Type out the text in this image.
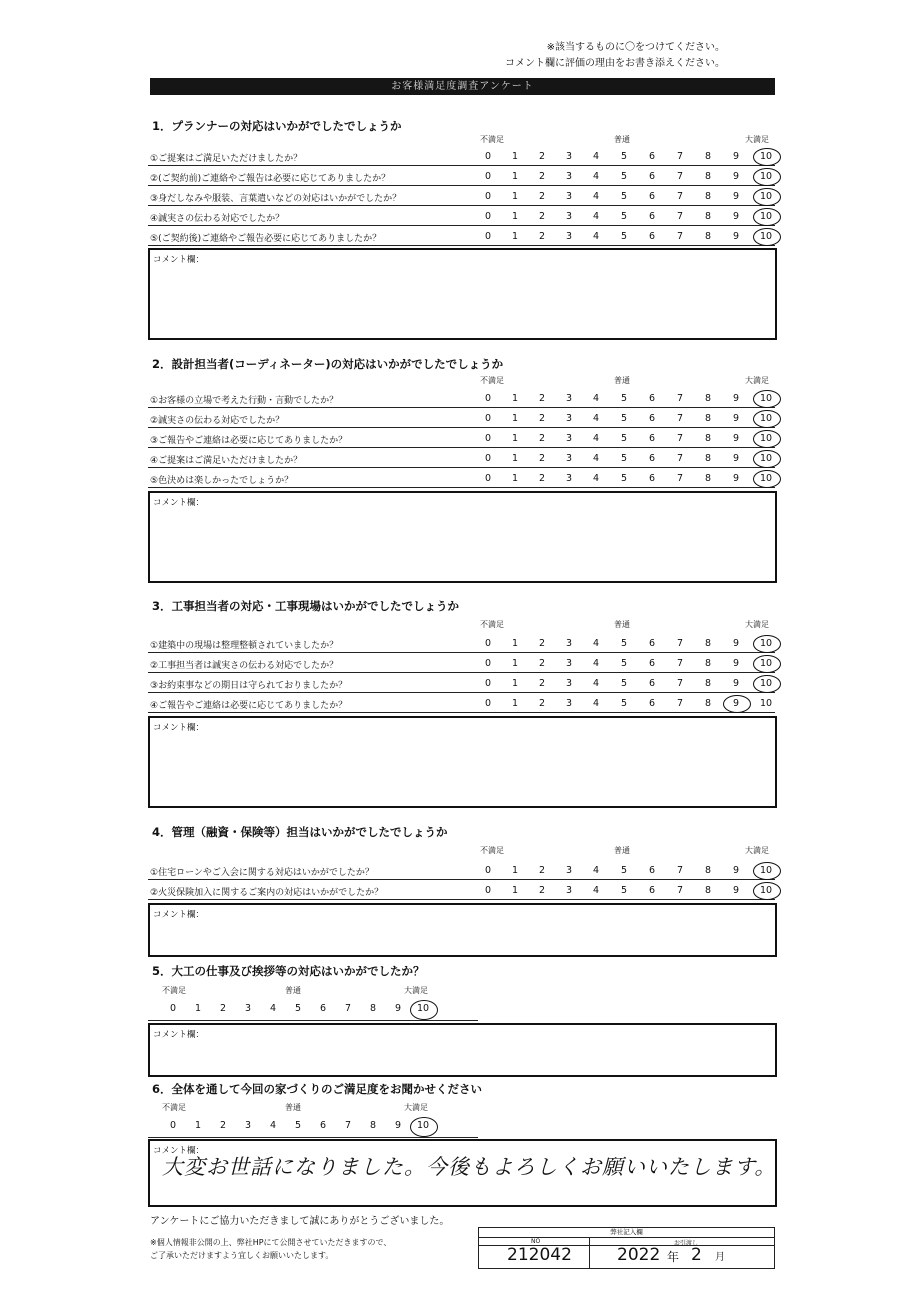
※該当するものに〇をつけてください。
コメント欄に評価の理由をお書き添えください。
お客様満足度調査アンケート
1．プランナーの対応はいかがでしたでしょうか
不満足	普通	大満足
①ご提案はご満足いただけましたか？	0	1	2	3	4	5	6	7	8	9	10
②(ご契約前)ご連絡やご報告は必要に応じてありましたか？	0	1	2	3	4	5	6	7	8	9	10
③身だしなみや服装、言葉遣いなどの対応はいかがでしたか？	0	1	2	3	4	5	6	7	8	9	10
④誠実さの伝わる対応でしたか？	0	1	2	3	4	5	6	7	8	9	10
⑤(ご契約後)ご連絡やご報告必要に応じてありましたか？	0	1	2	3	4	5	6	7	8	9	10
コメント欄：
2．設計担当者(コーディネーター)の対応はいかがでしたでしょうか
不満足	普通	大満足
①お客様の立場で考えた行動・言動でしたか？	0	1	2	3	4	5	6	7	8	9	10
②誠実さの伝わる対応でしたか？	0	1	2	3	4	5	6	7	8	9	10
③ご報告やご連絡は必要に応じてありましたか？	0	1	2	3	4	5	6	7	8	9	10
④ご提案はご満足いただけましたか？	0	1	2	3	4	5	6	7	8	9	10
⑤色決めは楽しかったでしょうか？	0	1	2	3	4	5	6	7	8	9	10
コメント欄：
3．工事担当者の対応・工事現場はいかがでしたでしょうか
不満足	普通	大満足
①建築中の現場は整理整頓されていましたか？	0	1	2	3	4	5	6	7	8	9	10
②工事担当者は誠実さの伝わる対応でしたか？	0	1	2	3	4	5	6	7	8	9	10
③お約束事などの期日は守られておりましたか？	0	1	2	3	4	5	6	7	8	9	10
④ご報告やご連絡は必要に応じてありましたか？	0	1	2	3	4	5	6	7	8	9	10
コメント欄：
4．管理（融資・保険等）担当はいかがでしたでしょうか
不満足	普通	大満足
①住宅ローンやご入会に関する対応はいかがでしたか？	0	1	2	3	4	5	6	7	8	9	10
②火災保険加入に関するご案内の対応はいかがでしたか？	0	1	2	3	4	5	6	7	8	9	10
コメント欄：
5．大工の仕事及び挨拶等の対応はいかがでしたか？
不満足	普通	大満足
0	1	2	3	4	5	6	7	8	9	10
コメント欄：
6．全体を通して今回の家づくりのご満足度をお聞かせください
不満足	普通	大満足
0	1	2	3	4	5	6	7	8	9	10
コメント欄：
大変お世話になりました。今後もよろしくお願いいたします。
アンケートにご協力いただきまして誠にありがとうございました。
※個人情報非公開の上、弊社HPにて公開させていただきますので、
ご了承いただけますよう宜しくお願いいたします。
弊社記入欄
NO	お引渡し
212042	2022 年 2 月
